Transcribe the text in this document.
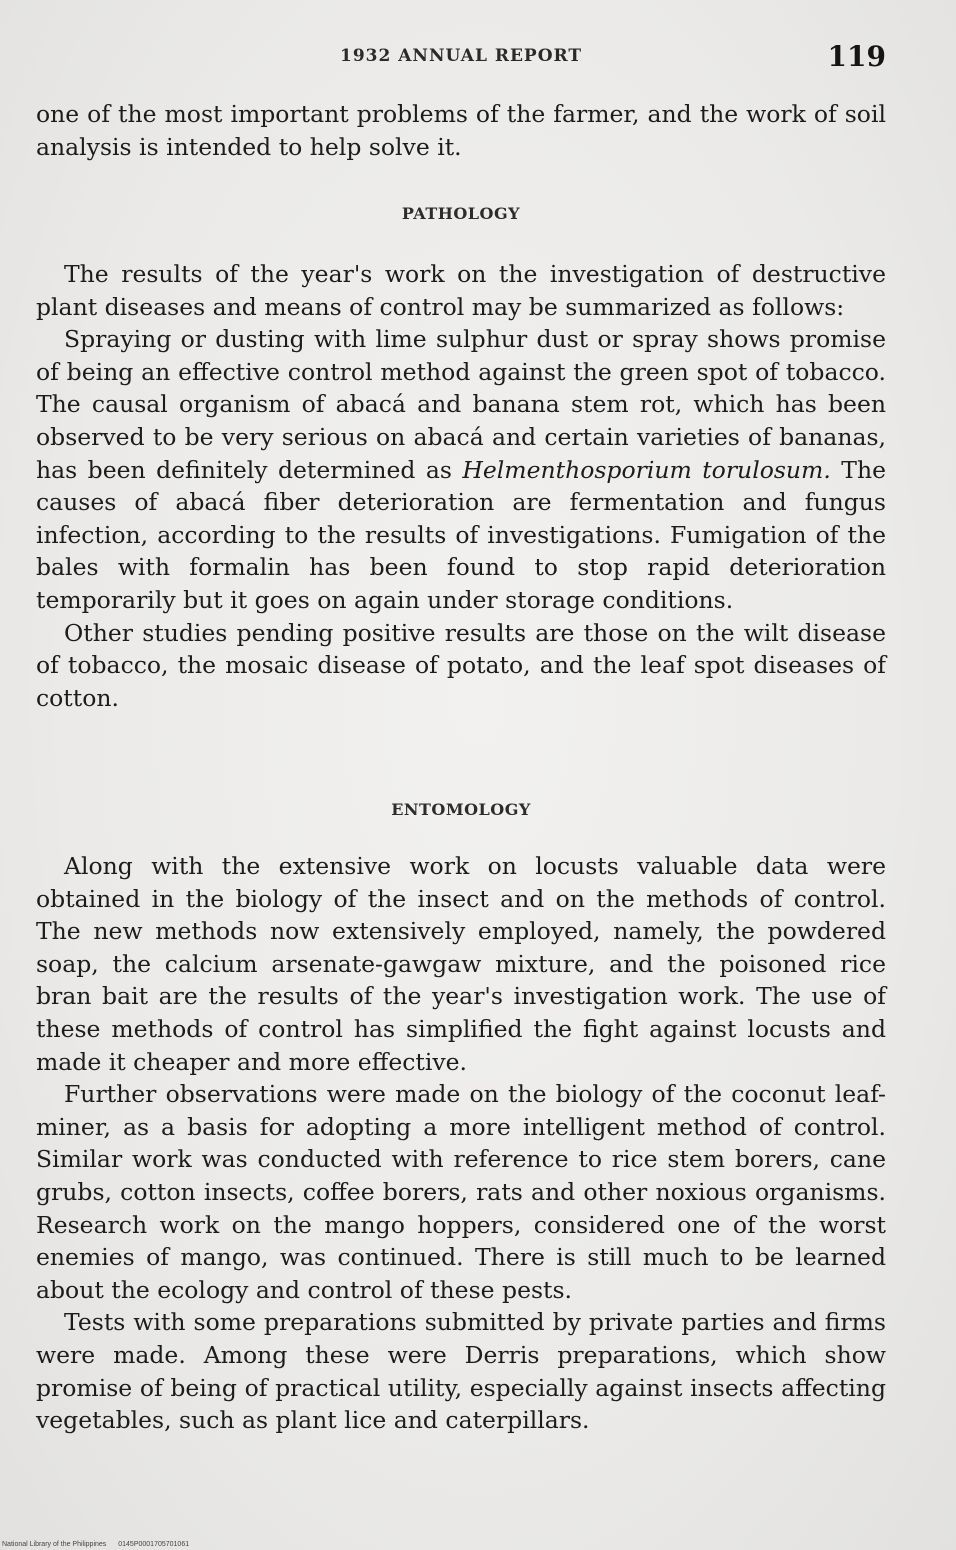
1932 ANNUAL REPORT	119

one of the most important problems of the farmer, and the work of soil analysis is intended to help solve it.

PATHOLOGY

The results of the year's work on the investigation of destructive plant diseases and means of control may be summarized as follows:

Spraying or dusting with lime sulphur dust or spray shows promise of being an effective control method against the green spot of tobacco. The causal organism of abacá and banana stem rot, which has been observed to be very serious on abacá and certain varieties of bananas, has been definitely determined as Helmenthosporium torulosum. The causes of abacá fiber deterioration are fermentation and fungus infection, according to the results of investigations. Fumigation of the bales with formalin has been found to stop rapid deterioration temporarily but it goes on again under storage conditions.

Other studies pending positive results are those on the wilt disease of tobacco, the mosaic disease of potato, and the leaf spot diseases of cotton.

ENTOMOLOGY

Along with the extensive work on locusts valuable data were obtained in the biology of the insect and on the methods of control. The new methods now extensively employed, namely, the powdered soap, the calcium arsenate-gawgaw mixture, and the poisoned rice bran bait are the results of the year's investigation work. The use of these methods of control has simplified the fight against locusts and made it cheaper and more effective.

Further observations were made on the biology of the coconut leaf-miner, as a basis for adopting a more intelligent method of control. Similar work was conducted with reference to rice stem borers, cane grubs, cotton insects, coffee borers, rats and other noxious organisms. Research work on the mango hoppers, considered one of the worst enemies of mango, was continued. There is still much to be learned about the ecology and control of these pests.

Tests with some preparations submitted by private parties and firms were made. Among these were Derris preparations, which show promise of being of practical utility, especially against insects affecting vegetables, such as plant lice and caterpillars.

National Library of the Philippines 0145P0001705701061
